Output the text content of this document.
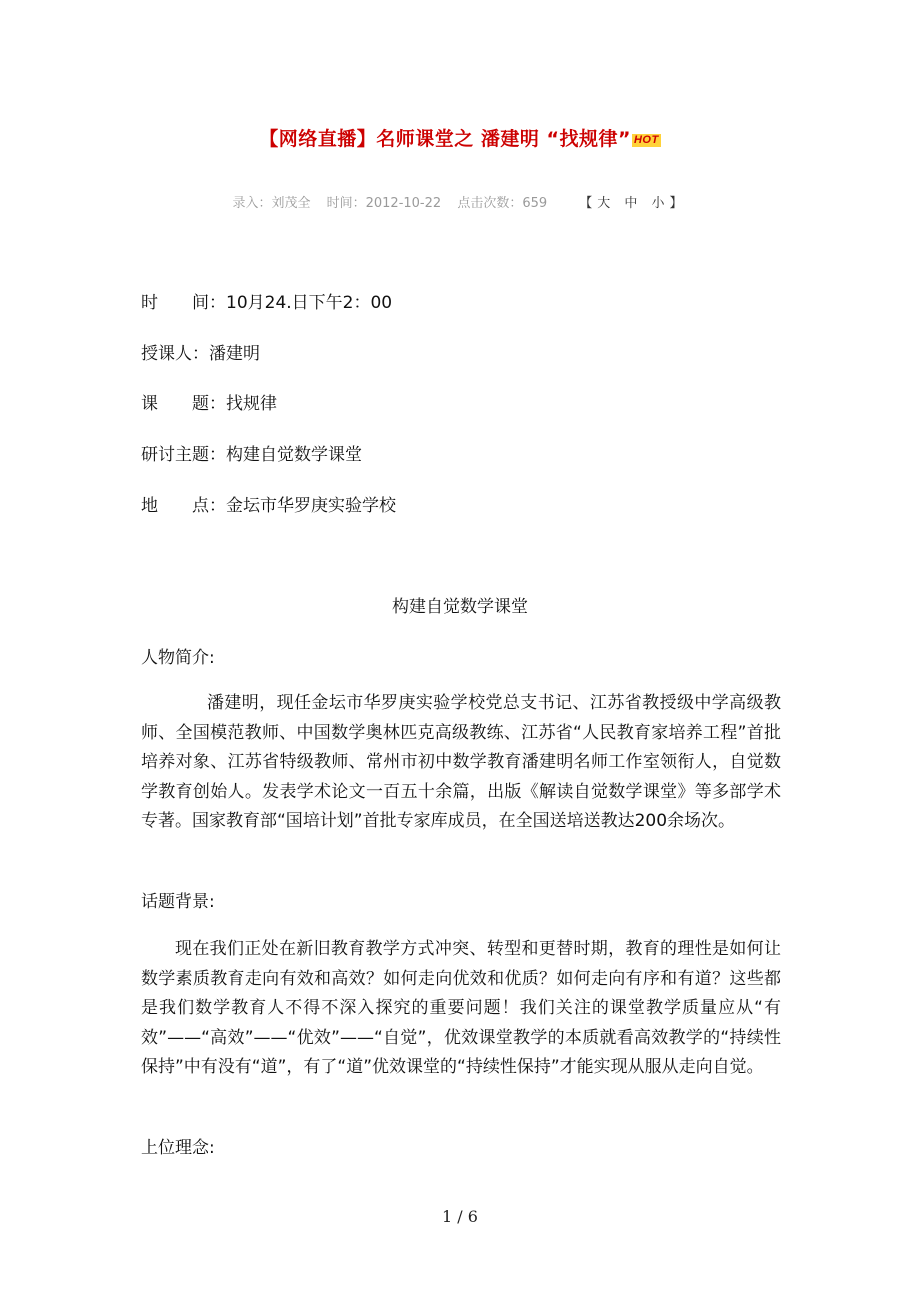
【网络直播】名师课堂之 潘建明 “找规律” HOT
录入：刘茂全 时间：2012-10-22 点击次数：659 【大 中 小】
时　　间：10月24.日下午2：00
授课人：潘建明
课　　题：找规律
研讨主题：构建自觉数学课堂
地　　点：金坛市华罗庚实验学校
构建自觉数学课堂
人物简介:
潘建明，现任金坛市华罗庚实验学校党总支书记、江苏省教授级中学高级教师、全国模范教师、中国数学奥林匹克高级教练、江苏省“人民教育家培养工程”首批培养对象、江苏省特级教师、常州市初中数学教育潘建明名师工作室领衔人，自觉数学教育创始人。发表学术论文一百五十余篇，出版《解读自觉数学课堂》等多部学术专著。国家教育部“国培计划”首批专家库成员，在全国送培送教达200余场次。
话题背景:
现在我们正处在新旧教育教学方式冲突、转型和更替时期，教育的理性是如何让数学素质教育走向有效和高效？如何走向优效和优质？如何走向有序和有道？这些都是我们数学教育人不得不深入探究的重要问题！我们关注的课堂教学质量应从“有效”——“高效”——“优效”——“自觉”，优效课堂教学的本质就看高效教学的“持续性保持”中有没有“道”，有了“道”优效课堂的“持续性保持”才能实现从服从走向自觉。
上位理念:
1 / 6
